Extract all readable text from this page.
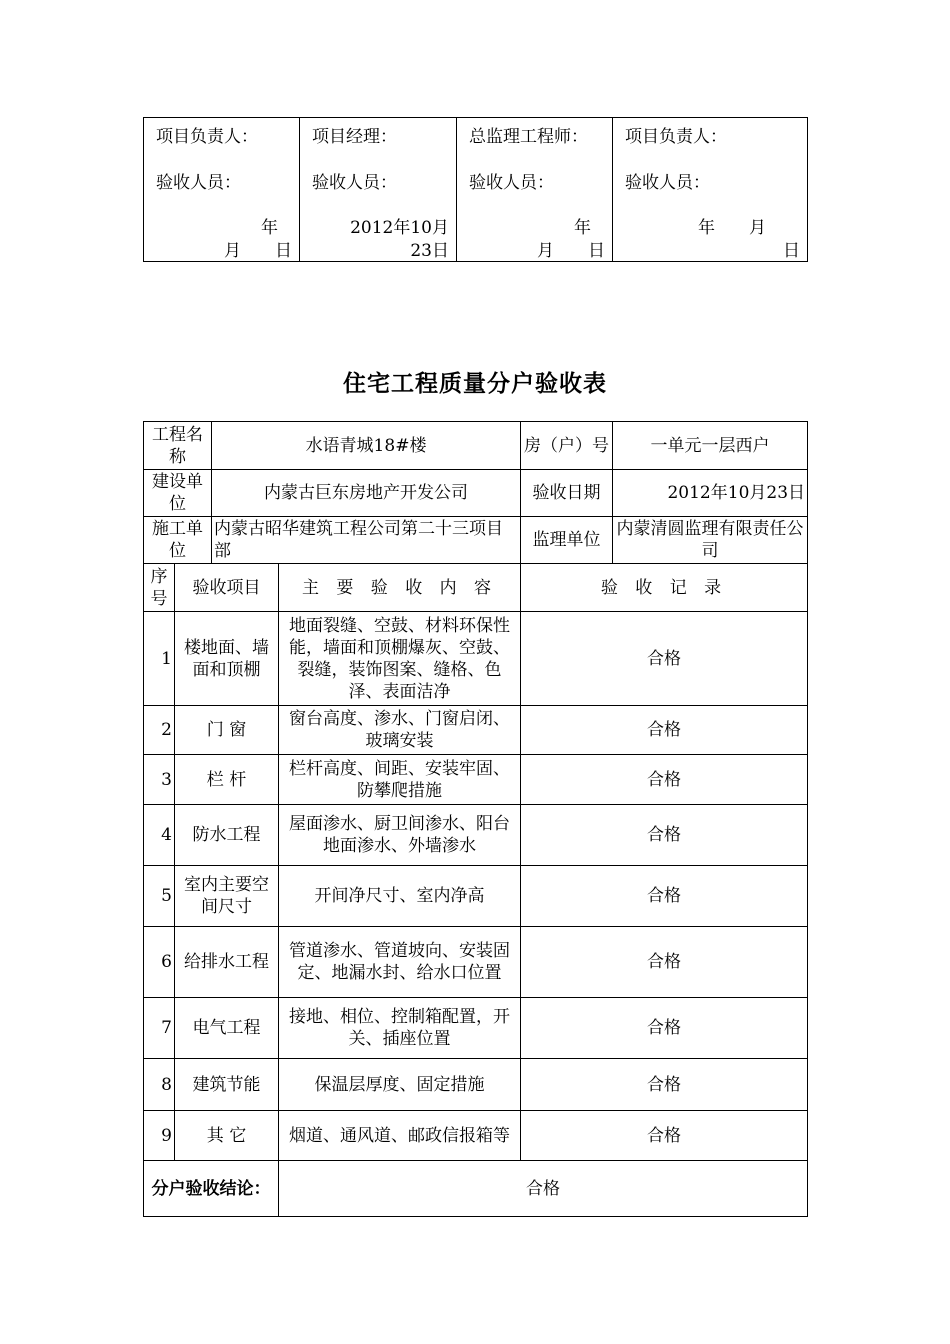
项目负责人：
验收人员：
年
月　　日

项目经理：
验收人员：
2012年10月
23日

总监理工程师：
验收人员：
年
月　　日

项目负责人：
验收人员：
年　　月
日
住宅工程质量分户验收表
工程名称		水语青城18#楼		房（户）号	一单元一层西户
建设单位		内蒙古巨东房地产开发公司		验收日期	2012年10月23日
施工单位		内蒙古昭华建筑工程公司第二十三项目部		监理单位	内蒙清圆监理有限责任公司
序号	验收项目		主 要 验 收 内 容	验 收 记 录	
1	楼地面、墙面和顶棚		地面裂缝、空鼓、材料环保性能，墙面和顶棚爆灰、空鼓、裂缝，装饰图案、缝格、色泽、表面洁净	合格	
2	门 窗		窗台高度、渗水、门窗启闭、玻璃安装	合格	
3	栏 杆		栏杆高度、间距、安装牢固、防攀爬措施	合格	
4	防水工程		屋面渗水、厨卫间渗水、阳台地面渗水、外墙渗水	合格	
5	室内主要空间尺寸		开间净尺寸、室内净高	合格	
6	给排水工程		管道渗水、管道坡向、安装固定、地漏水封、给水口位置	合格	
7	电气工程		接地、相位、控制箱配置，开关、插座位置	合格	
8	建筑节能		保温层厚度、固定措施	合格	
9	其 它		烟道、通风道、邮政信报箱等	合格	
分户验收结论：			合格		
